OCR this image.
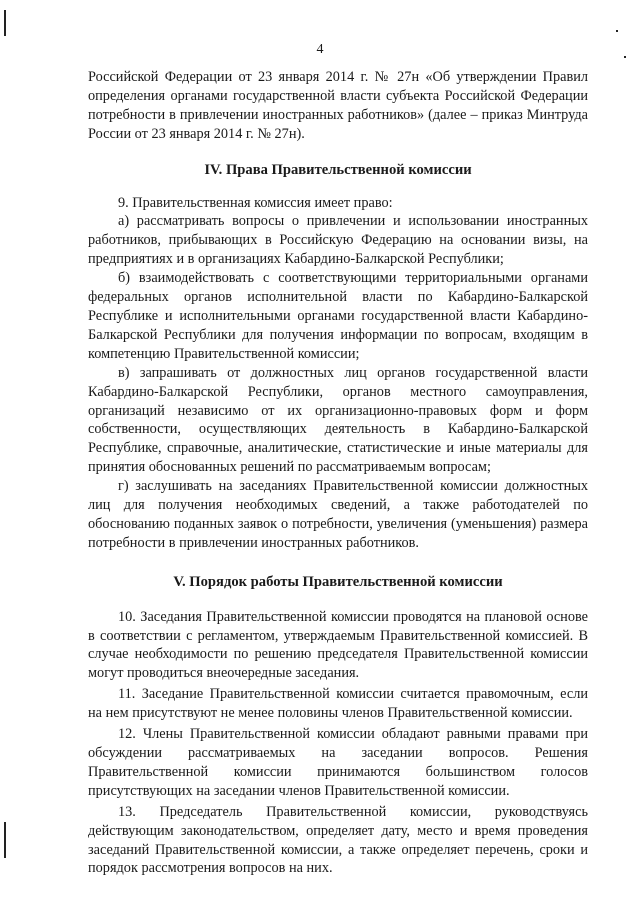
4

Российской Федерации от 23 января 2014 г. № 27н «Об утверждении Правил определения органами государственной власти субъекта Российской Федерации потребности в привлечении иностранных работников» (далее – приказ Минтруда России от 23 января 2014 г. № 27н).

IV. Права Правительственной комиссии

9. Правительственная комиссия имеет право:

а) рассматривать вопросы о привлечении и использовании иностранных работников, прибывающих в Российскую Федерацию на основании визы, на предприятиях и в организациях Кабардино-Балкарской Республики;

б) взаимодействовать с соответствующими территориальными органами федеральных органов исполнительной власти по Кабардино-Балкарской Республике и исполнительными органами государственной власти Кабардино-Балкарской Республики для получения информации по вопросам, входящим в компетенцию Правительственной комиссии;

в) запрашивать от должностных лиц органов государственной власти Кабардино-Балкарской Республики, органов местного самоуправления, организаций независимо от их организационно-правовых форм и форм собственности, осуществляющих деятельность в Кабардино-Балкарской Республике, справочные, аналитические, статистические и иные материалы для принятия обоснованных решений по рассматриваемым вопросам;

г) заслушивать на заседаниях Правительственной комиссии должностных лиц для получения необходимых сведений, а также работодателей по обоснованию поданных заявок о потребности, увеличения (уменьшения) размера потребности в привлечении иностранных работников.

V. Порядок работы Правительственной комиссии

10. Заседания Правительственной комиссии проводятся на плановой основе в соответствии с регламентом, утверждаемым Правительственной комиссией. В случае необходимости по решению председателя Правительственной комиссии могут проводиться внеочередные заседания.

11. Заседание Правительственной комиссии считается правомочным, если на нем присутствуют не менее половины членов Правительственной комиссии.

12. Члены Правительственной комиссии обладают равными правами при обсуждении рассматриваемых на заседании вопросов. Решения Правительственной комиссии принимаются большинством голосов присутствующих на заседании членов Правительственной комиссии.

13. Председатель Правительственной комиссии, руководствуясь действующим законодательством, определяет дату, место и время проведения заседаний Правительственной комиссии, а также определяет перечень, сроки и порядок рассмотрения вопросов на них.
